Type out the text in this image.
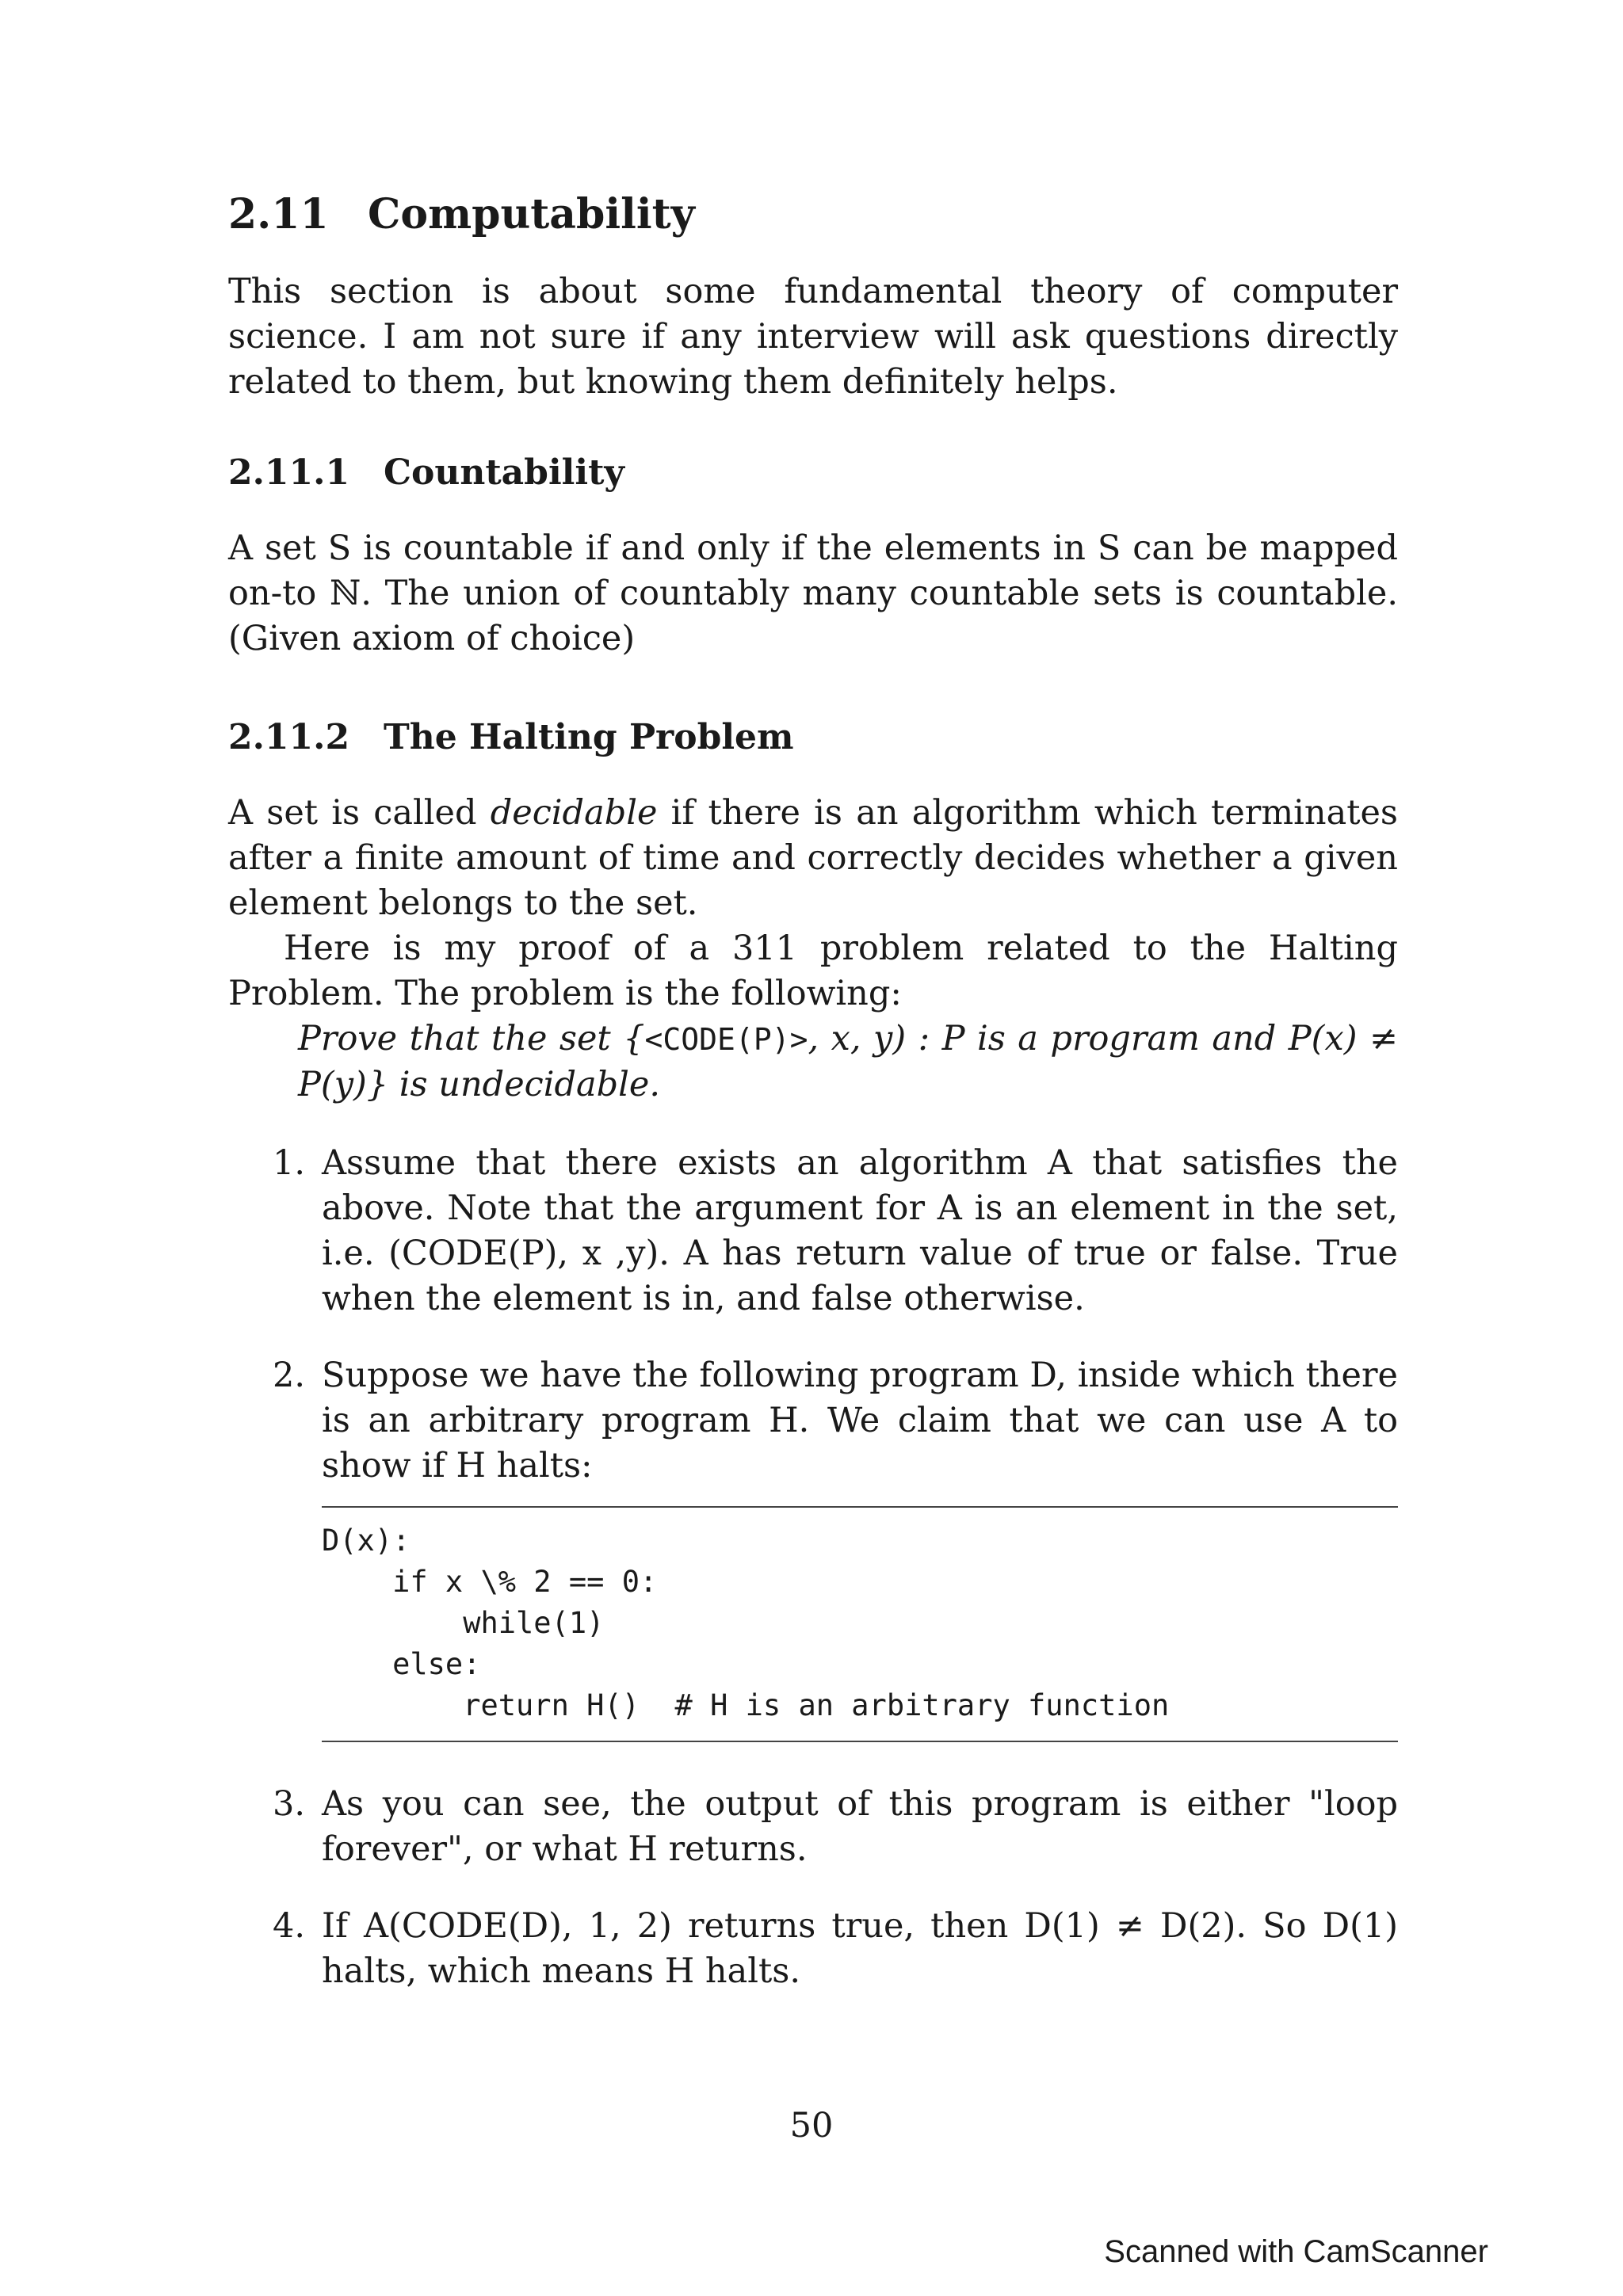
2.11 Computability

This section is about some fundamental theory of computer science. I am not sure if any interview will ask questions directly related to them, but knowing them definitely helps.

2.11.1 Countability

A set S is countable if and only if the elements in S can be mapped on-to ℕ. The union of countably many countable sets is countable. (Given axiom of choice)

2.11.2 The Halting Problem

A set is called decidable if there is an algorithm which terminates after a finite amount of time and correctly decides whether a given element belongs to the set.

Here is my proof of a 311 problem related to the Halting Problem. The problem is the following:

Prove that the set {<CODE(P)>, x, y) : P is a program and P(x) ≠ P(y)} is undecidable.
1. Assume that there exists an algorithm A that satisfies the above. Note that the argument for A is an element in the set, i.e. (CODE(P), x ,y). A has return value of true or false. True when the element is in, and false otherwise.
2. Suppose we have the following program D, inside which there is an arbitrary program H. We claim that we can use A to show if H halts:
D(x):
if x \% 2 == 0:
while(1)
else:
return H()  # H is an arbitrary function
3. As you can see, the output of this program is either "loop forever", or what H returns.
4. If A(CODE(D), 1, 2) returns true, then D(1) ≠ D(2). So D(1) halts, which means H halts.
50
Scanned with CamScanner
